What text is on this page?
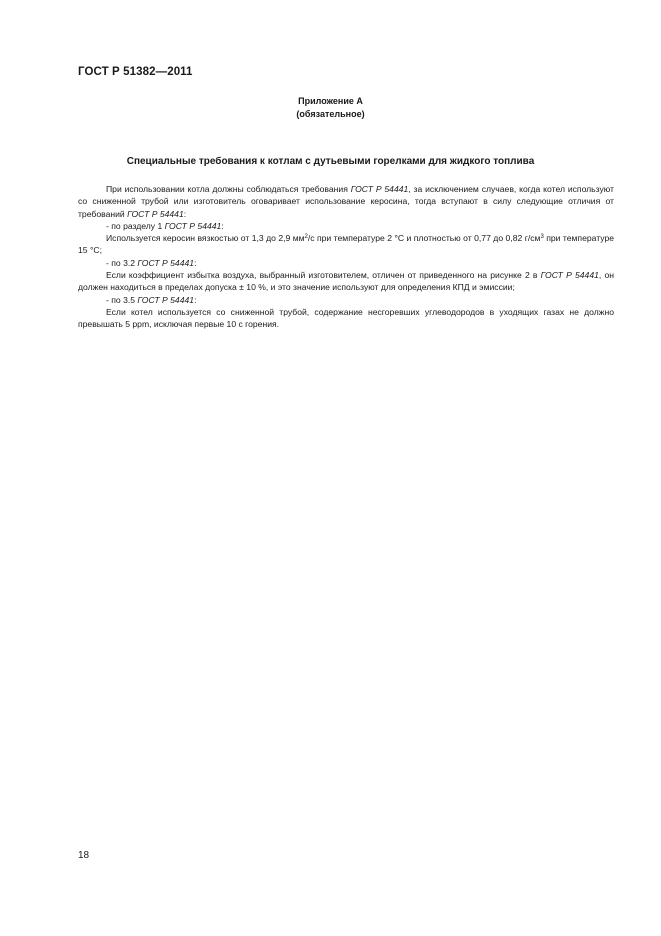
ГОСТ Р 51382—2011
Приложение А
(обязательное)
Специальные требования к котлам с дутьевыми горелками для жидкого топлива

При использовании котла должны соблюдаться требования ГОСТ Р 54441, за исключением случаев, когда котел используют со сниженной трубой или изготовитель оговаривает использование керосина, тогда вступают в силу следующие отличия от требований ГОСТ Р 54441:

- по разделу 1 ГОСТ Р 54441:

Используется керосин вязкостью от 1,3 до 2,9 $мм^2/с$ при температуре 2 °С и плотностью от 0,77 до 0,82 $г/см^3$ при температуре 15 °С;

- по 3.2 ГОСТ Р 54441:

Если коэффициент избытка воздуха, выбранный изготовителем, отличен от приведенного на рисунке 2 в ГОСТ Р 54441, он должен находиться в пределах допуска ± 10 %, и это значение используют для определения КПД и эмиссии;

- по 3.5 ГОСТ Р 54441:

Если котел используется со сниженной трубой, содержание несгоревших углеводородов в уходящих газах не должно превышать 5 ppm, исключая первые 10 с горения.

18
